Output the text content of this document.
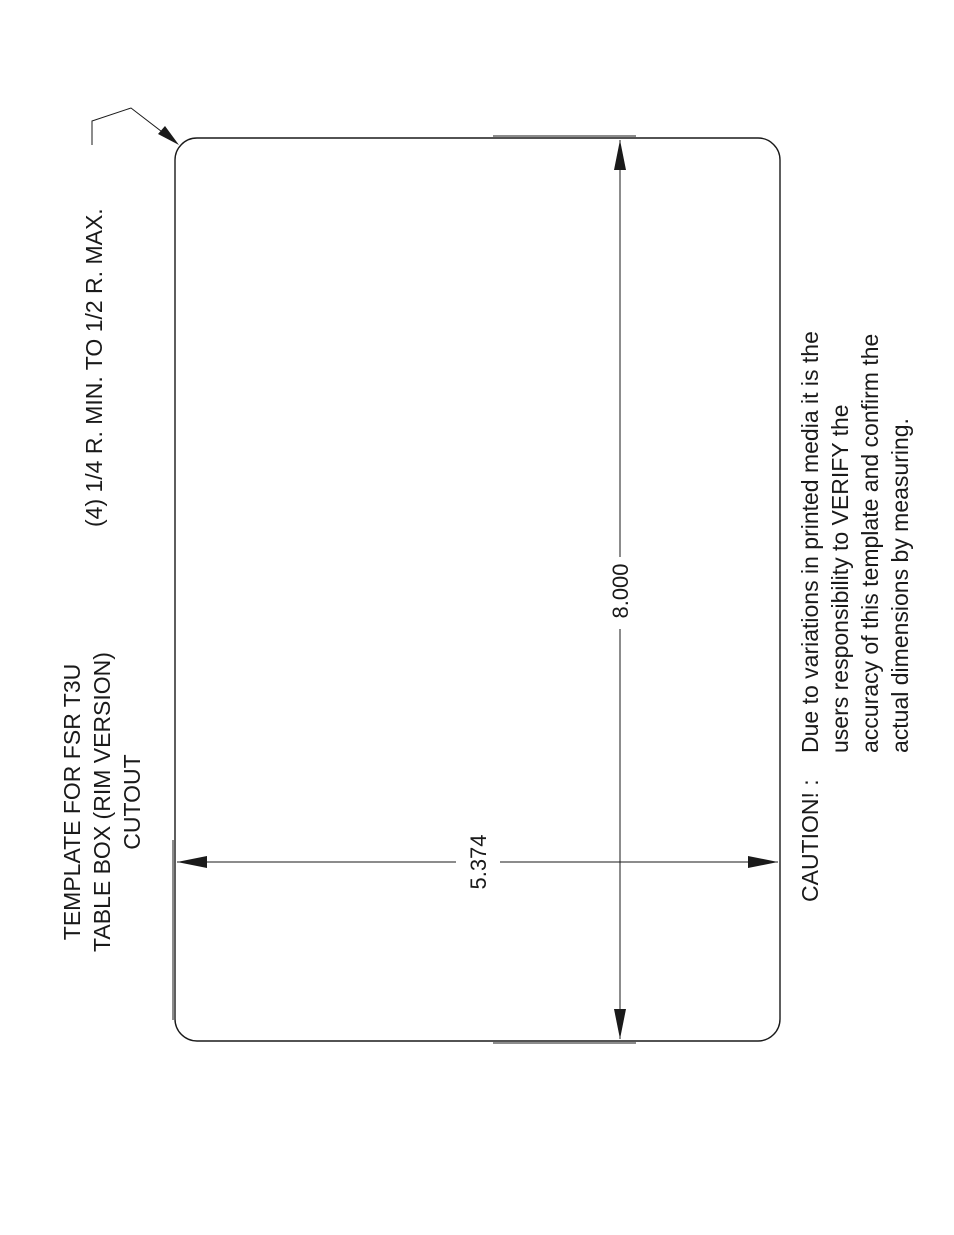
8.000
5.374
TEMPLATE FOR FSR T3U TABLE BOX (RIM VERSION) CUTOUT
(4) 1/4 R. MIN. TO 1/2 R. MAX.
CAUTION! :
Due to variations in printed media it is the users responsibility to VERIFY the accuracy of this template and confirm the actual dimensions by measuring.
